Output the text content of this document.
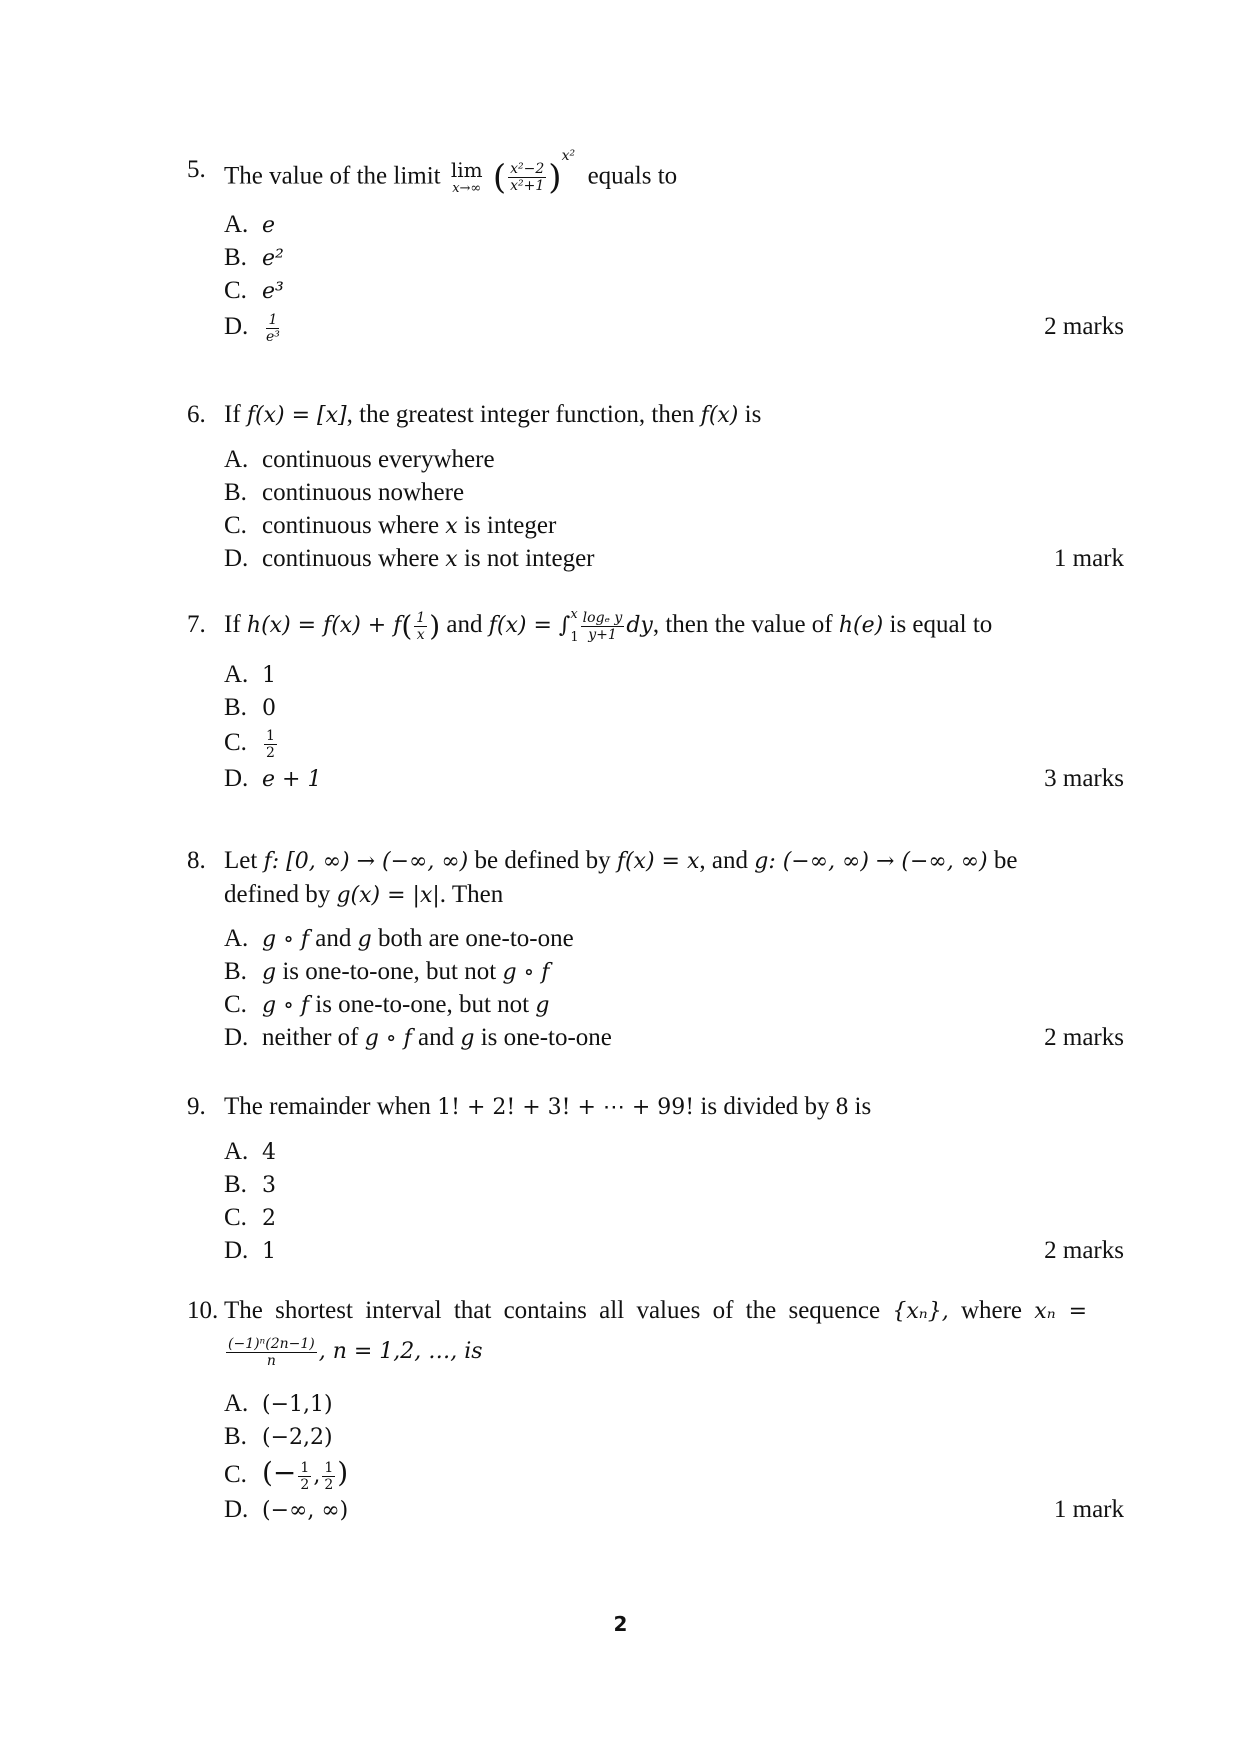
5. The value of the limit lim
x→∞ ( $\frac{\text{x²−2}}{\text{x²+1}} )^{x^2}$  equals to
A. e
B. e²
C. e³
D. $\frac{1}{\text{e³}}$	2 marks
6. If f(x) = [x], the greatest integer function, then f(x) is
A. continuous everywhere
B. continuous nowhere
C. continuous where x is integer
D. continuous where x is not integer	1 mark
7. If $h(x) = f(x) + f( \frac{1}{x}$ ) and f(x) = ∫ x
$1 \frac{\text{logₑ y}}{y+1}$ dy, then the value of h(e) is equal to
A. 1
B. 0
C. $\frac{1}{2}$
D. e + 1	3 marks
8. Let f: [0, ∞) → (−∞, ∞) be defined by f(x) = x, and g: (−∞, ∞) → (−∞, ∞) be
defined by g(x) = |x|. Then
A. g ∘ f and g both are one-to-one
B. g is one-to-one, but not g ∘ f
C. g ∘ f is one-to-one, but not g
D. neither of g ∘ f and g is one-to-one	2 marks
9. The remainder when 1! + 2! + 3! + ⋯ + 99! is divided by 8 is
A. 4
B. 3
C. 2
D. 1	2 marks
10. The shortest interval that contains all values of the sequence {xₙ}, where xₙ =
$\frac{\text{(−1)ⁿ(2n−1)}}{n}$ , n = 1,2, …, is
A. (−1,1)
B. (−2,2)
C. (− $\frac{1}{2}$ , $\frac{1}{2}$ )
D. (−∞, ∞)	1 mark
2
